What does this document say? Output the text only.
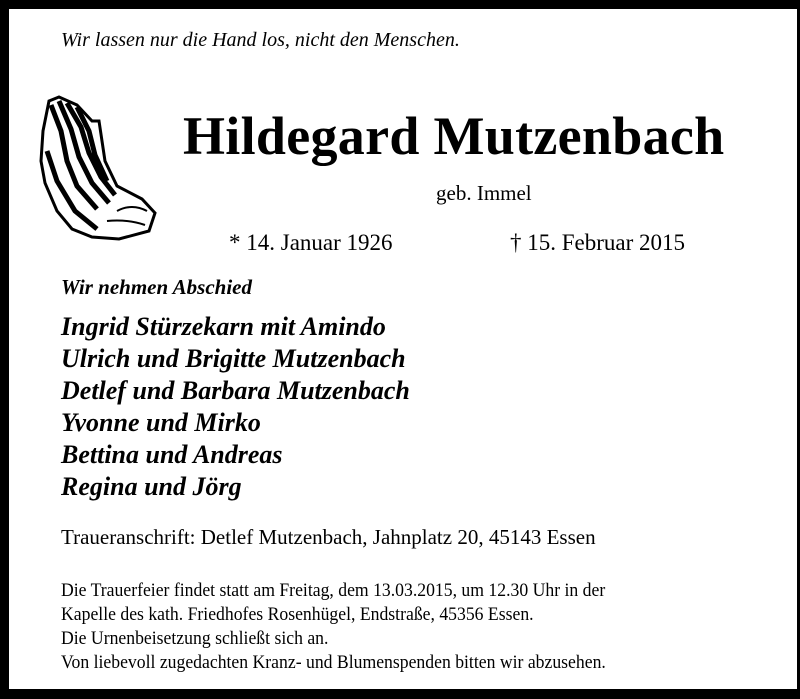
Wir lassen nur die Hand los, nicht den Menschen.
Hildegard Mutzenbach
geb. Immel
* 14. Januar 1926	† 15. Februar 2015
Wir nehmen Abschied
Ingrid Stürzekarn mit Amindo
Ulrich und Brigitte Mutzenbach
Detlef und Barbara Mutzenbach
Yvonne und Mirko
Bettina und Andreas
Regina und Jörg
Traueranschrift: Detlef Mutzenbach, Jahnplatz 20, 45143 Essen
Die Trauerfeier findet statt am Freitag, dem 13.03.2015, um 12.30 Uhr in der
Kapelle des kath. Friedhofes Rosenhügel, Endstraße, 45356 Essen.
Die Urnenbeisetzung schließt sich an.
Von liebevoll zugedachten Kranz- und Blumenspenden bitten wir abzusehen.
